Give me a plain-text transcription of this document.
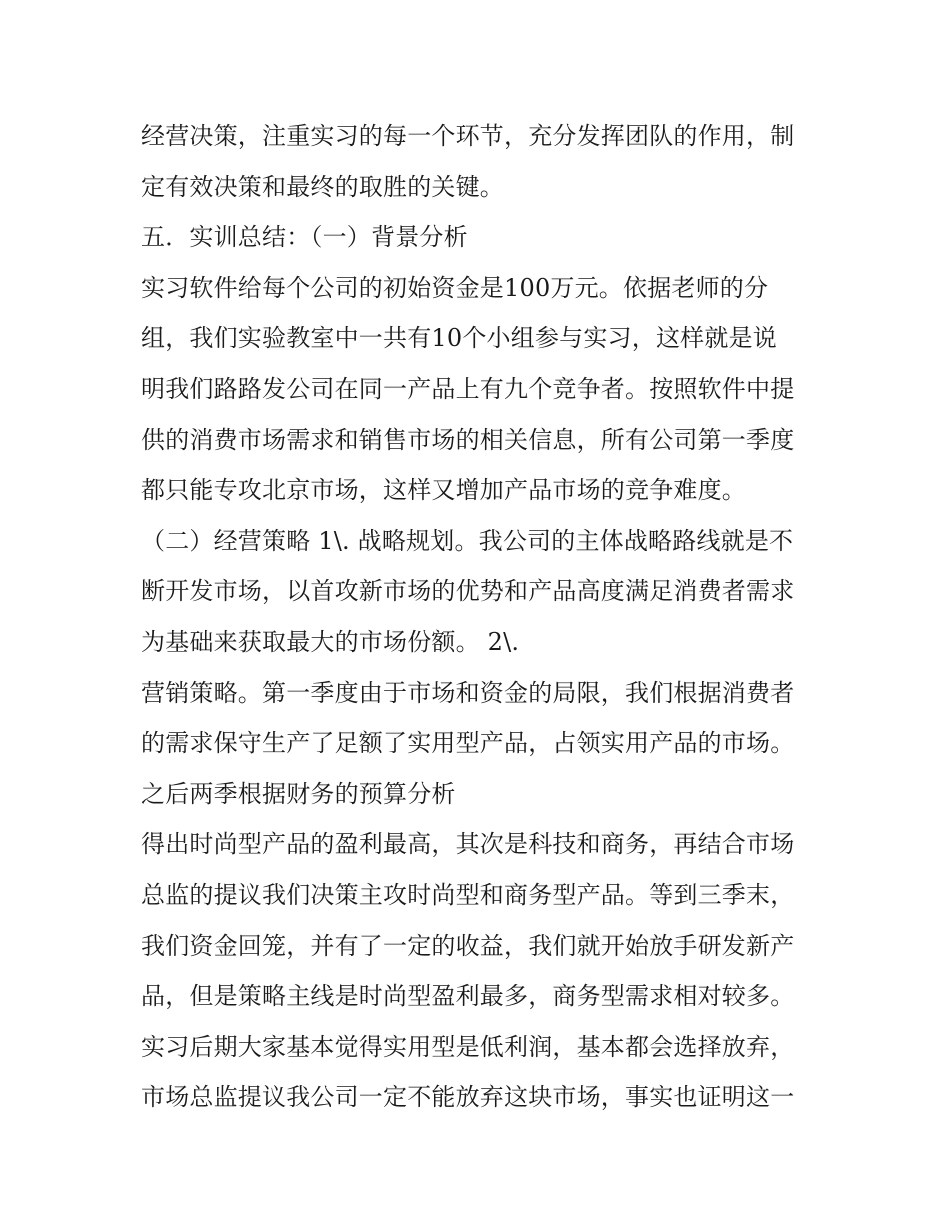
经营决策，注重实习的每一个环节，充分发挥团队的作用，制
定有效决策和最终的取胜的关键。
五．实训总结：（一）背景分析
实习软件给每个公司的初始资金是100万元。依据老师的分
组，我们实验教室中一共有10个小组参与实习，这样就是说
明我们路路发公司在同一产品上有九个竞争者。按照软件中提
供的消费市场需求和销售市场的相关信息，所有公司第一季度
都只能专攻北京市场，这样又增加产品市场的竞争难度。
（二）经营策略 1\. 战略规划。我公司的主体战略路线就是不
断开发市场，以首攻新市场的优势和产品高度满足消费者需求
为基础来获取最大的市场份额。 2\.
营销策略。第一季度由于市场和资金的局限，我们根据消费者
的需求保守生产了足额了实用型产品，占领实用产品的市场。
之后两季根据财务的预算分析
得出时尚型产品的盈利最高，其次是科技和商务，再结合市场
总监的提议我们决策主攻时尚型和商务型产品。等到三季末，
我们资金回笼，并有了一定的收益，我们就开始放手研发新产
品，但是策略主线是时尚型盈利最多，商务型需求相对较多。
实习后期大家基本觉得实用型是低利润，基本都会选择放弃，
市场总监提议我公司一定不能放弃这块市场，事实也证明这一
